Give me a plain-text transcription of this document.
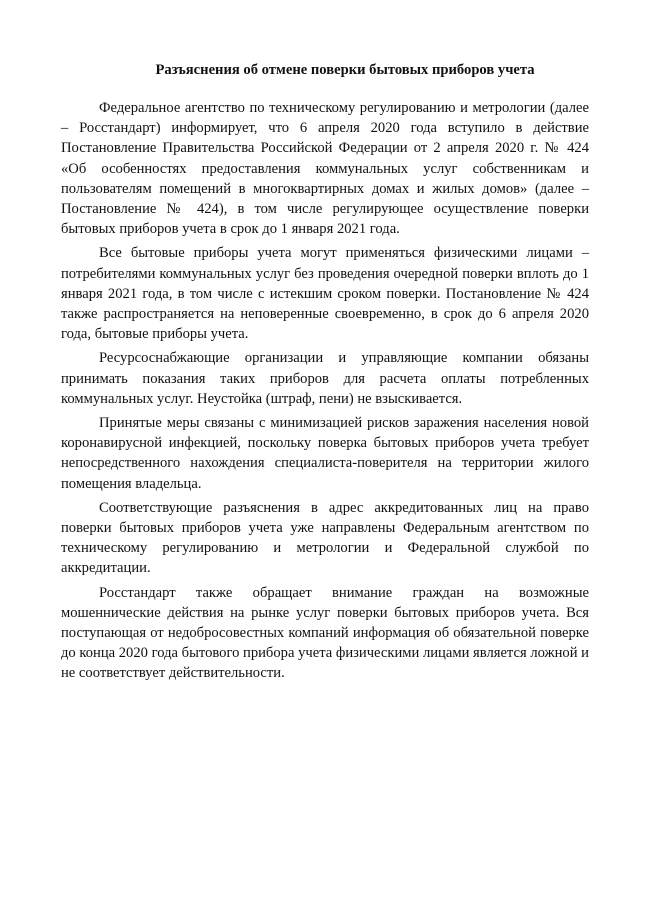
Разъяснения об отмене поверки бытовых приборов учета

Федеральное агентство по техническому регулированию и метрологии (далее – Росстандарт) информирует, что 6 апреля 2020 года вступило в действие Постановление Правительства Российской Федерации от 2 апреля 2020 г. № 424 «Об особенностях предоставления коммунальных услуг собственникам и пользователям помещений в многоквартирных домах и жилых домов» (далее – Постановление № 424), в том числе регулирующее осуществление поверки бытовых приборов учета в срок до 1 января 2021 года.

Все бытовые приборы учета могут применяться физическими лицами – потребителями коммунальных услуг без проведения очередной поверки вплоть до 1 января 2021 года, в том числе с истекшим сроком поверки. Постановление № 424 также распространяется на неповеренные своевременно, в срок до 6 апреля 2020 года, бытовые приборы учета.

Ресурсоснабжающие организации и управляющие компании обязаны принимать показания таких приборов для расчета оплаты потребленных коммунальных услуг. Неустойка (штраф, пени) не взыскивается.

Принятые меры связаны с минимизацией рисков заражения населения новой коронавирусной инфекцией, поскольку поверка бытовых приборов учета требует непосредственного нахождения специалиста-поверителя на территории жилого помещения владельца.

Соответствующие разъяснения в адрес аккредитованных лиц на право поверки бытовых приборов учета уже направлены Федеральным агентством по техническому регулированию и метрологии и Федеральной службой по аккредитации.

Росстандарт также обращает внимание граждан на возможные мошеннические действия на рынке услуг поверки бытовых приборов учета. Вся поступающая от недобросовестных компаний информация об обязательной поверке до конца 2020 года бытового прибора учета физическими лицами является ложной и не соответствует действительности.
